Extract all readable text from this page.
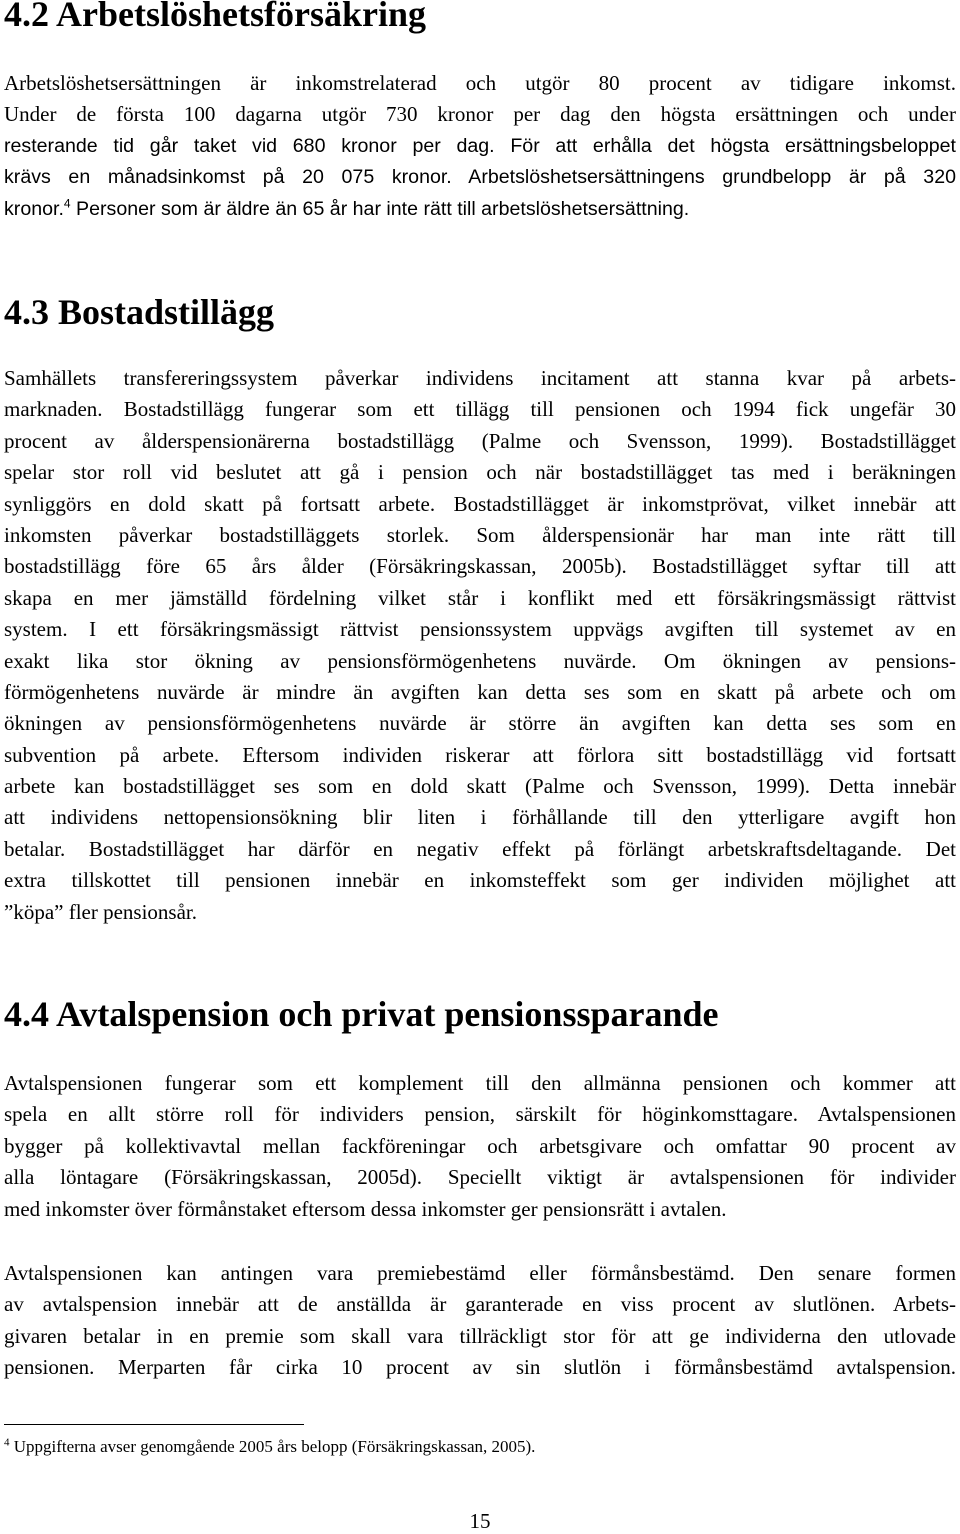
4.2 Arbetslöshetsförsäkring
Arbetslöshetsersättningen är inkomstrelaterad och utgör 80 procent av tidigare inkomst.
Under de första 100 dagarna utgör 730 kronor per dag den högsta ersättningen och under
resterande tid går taket vid 680 kronor per dag. För att erhålla det högsta ersättningsbeloppet
krävs en månadsinkomst på 20 075 kronor. Arbetslöshetsersättningens grundbelopp är på 320
kronor.$^4$ Personer som är äldre än 65 år har inte rätt till arbetslöshetsersättning.
4.3 Bostadstillägg
Samhällets transfereringssystem påverkar individens incitament att stanna kvar på arbets-
marknaden. Bostadstillägg fungerar som ett tillägg till pensionen och 1994 fick ungefär 30
procent av ålderspensionärerna bostadstillägg (Palme och Svensson, 1999). Bostadstillägget
spelar stor roll vid beslutet att gå i pension och när bostadstillägget tas med i beräkningen
synliggörs en dold skatt på fortsatt arbete. Bostadstillägget är inkomstprövat, vilket innebär att
inkomsten påverkar bostadstilläggets storlek. Som ålderspensionär har man inte rätt till
bostadstillägg före 65 års ålder (Försäkringskassan, 2005b). Bostadstillägget syftar till att
skapa en mer jämställd fördelning vilket står i konflikt med ett försäkringsmässigt rättvist
system. I ett försäkringsmässigt rättvist pensionssystem uppvägs avgiften till systemet av en
exakt lika stor ökning av pensionsförmögenhetens nuvärde. Om ökningen av pensions-
förmögenhetens nuvärde är mindre än avgiften kan detta ses som en skatt på arbete och om
ökningen av pensionsförmögenhetens nuvärde är större än avgiften kan detta ses som en
subvention på arbete. Eftersom individen riskerar att förlora sitt bostadstillägg vid fortsatt
arbete kan bostadstillägget ses som en dold skatt (Palme och Svensson, 1999). Detta innebär
att individens nettopensionsökning blir liten i förhållande till den ytterligare avgift hon
betalar. Bostadstillägget har därför en negativ effekt på förlängt arbetskraftsdeltagande. Det
extra tillskottet till pensionen innebär en inkomsteffekt som ger individen möjlighet att
”köpa” fler pensionsår.
4.4 Avtalspension och privat pensionssparande
Avtalspensionen fungerar som ett komplement till den allmänna pensionen och kommer att
spela en allt större roll för individers pension, särskilt för höginkomsttagare. Avtalspensionen
bygger på kollektivavtal mellan fackföreningar och arbetsgivare och omfattar 90 procent av
alla löntagare (Försäkringskassan, 2005d). Speciellt viktigt är avtalspensionen för individer
med inkomster över förmånstaket eftersom dessa inkomster ger pensionsrätt i avtalen.
Avtalspensionen kan antingen vara premiebestämd eller förmånsbestämd. Den senare formen
av avtalspension innebär att de anställda är garanterade en viss procent av slutlönen. Arbets-
givaren betalar in en premie som skall vara tillräckligt stor för att ge individerna den utlovade
pensionen. Merparten får cirka 10 procent av sin slutlön i förmånsbestämd avtalspension.

$^4$ Uppgifterna avser genomgående 2005 års belopp (Försäkringskassan, 2005).

15
